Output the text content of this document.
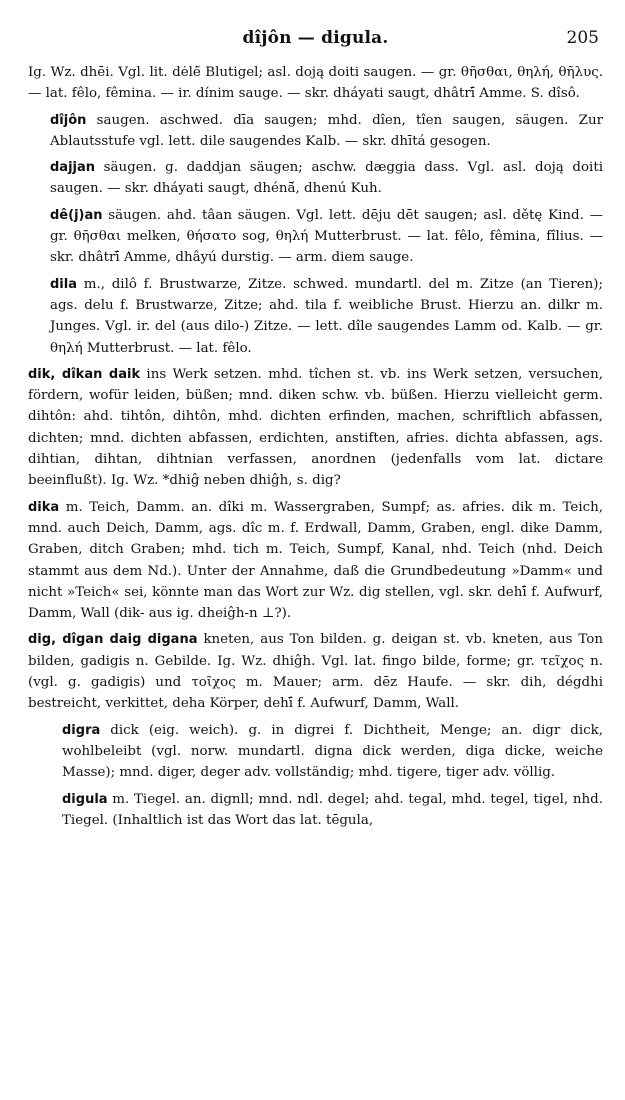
dîjôn — digula.	205
Ig. Wz. dhēi. Vgl. lit. dėlė̃ Blutigel; asl. doją doiti saugen. — gr. θῆσθαι, θηλή, θῆλυς. — lat. fêlo, fêmina. — ir. dínim sauge. — skr. dháyati saugt, dhâtrī́ Amme. S. dîsô.
dîjôn saugen. aschwed. dīa saugen; mhd. dîen, tîen saugen, säugen. Zur Ablautsstufe vgl. lett. dile saugendes Kalb. — skr. dhītá gesogen.
dajjan säugen. g. daddjan säugen; aschw. dæggia dass. Vgl. asl. doją doiti saugen. — skr. dháyati saugt, dhénā́, dhenú Kuh.
dê(j)an säugen. ahd. tâan säugen. Vgl. lett. dēju dēt saugen; asl. dětę Kind. — gr. θῆσθαι melken, θήσατο sog, θηλή Mutterbrust. — lat. fêlo, fêmina, fîlius. — skr. dhâtrī́ Amme, dhâyú durstig. — arm. diem sauge.
dila m., dilô f. Brustwarze, Zitze. schwed. mundartl. del m. Zitze (an Tieren); ags. delu f. Brustwarze, Zitze; ahd. tila f. weibliche Brust. Hierzu an. dilkr m. Junges. Vgl. ir. del (aus dilo-) Zitze. — lett. dîle saugendes Lamm od. Kalb. — gr. θηλή Mutterbrust. — lat. fêlo.
dik, dîkan daik ins Werk setzen. mhd. tîchen st. vb. ins Werk setzen, versuchen, fördern, wofür leiden, büßen; mnd. diken schw. vb. büßen. Hierzu vielleicht germ. dihtôn: ahd. tihtôn, dihtôn, mhd. dichten erfinden, machen, schriftlich abfassen, dichten; mnd. dichten abfassen, erdichten, anstiften, afries. dichta abfassen, ags. dihtian, dihtan, dihtnian verfassen, anordnen (jedenfalls vom lat. dictare beeinflußt). Ig. Wz. *dhiĝ neben dhiĝh, s. dig?
dika m. Teich, Damm. an. dîki m. Wassergraben, Sumpf; as. afries. dik m. Teich, mnd. auch Deich, Damm, ags. dîc m. f. Erdwall, Damm, Graben, engl. dike Damm, Graben, ditch Graben; mhd. tich m. Teich, Sumpf, Kanal, nhd. Teich (nhd. Deich stammt aus dem Nd.). Unter der Annahme, daß die Grundbedeutung »Damm« und nicht »Teich« sei, könnte man das Wort zur Wz. dig stellen, vgl. skr. dehī́ f. Aufwurf, Damm, Wall (dik- aus ig. dheiĝh-n ⊥?).
dig, dîgan daig digana kneten, aus Ton bilden. g. deigan st. vb. kneten, aus Ton bilden, gadigis n. Gebilde. Ig. Wz. dhiĝh. Vgl. lat. fingo bilde, forme; gr. τεῖχος n. (vgl. g. gadigis) und τοῖχος m. Mauer; arm. dēz Haufe. — skr. dih, dégdhi bestreicht, verkittet, deha Körper, dehī́ f. Aufwurf, Damm, Wall.
digra dick (eig. weich). g. in digrei f. Dichtheit, Menge; an. digr dick, wohlbeleibt (vgl. norw. mundartl. digna dick werden, diga dicke, weiche Masse); mnd. diger, deger adv. vollständig; mhd. tigere, tiger adv. völlig.
digula m. Tiegel. an. dignll; mnd. ndl. degel; ahd. tegal, mhd. tegel, tigel, nhd. Tiegel. (Inhaltlich ist das Wort das lat. tēgula,
